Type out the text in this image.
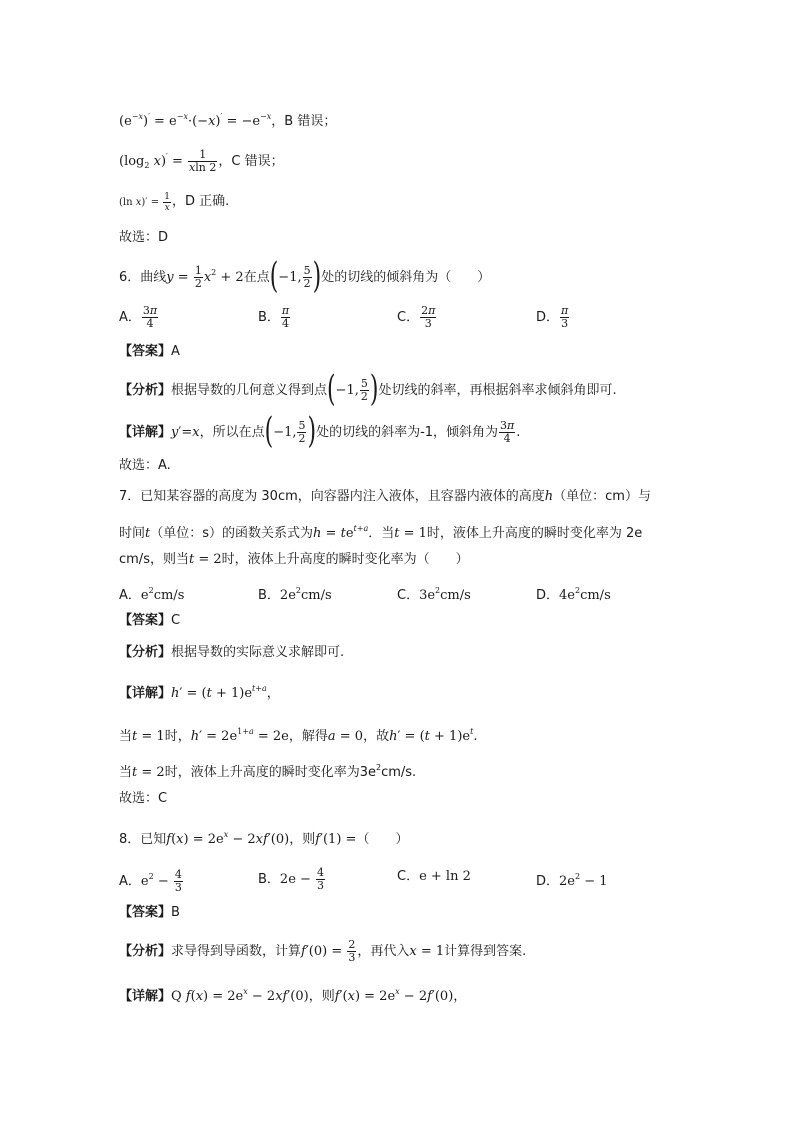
$(e^{-x})' = e^{-x}\cdot(-x)' = -e^{-x}$，B 错误；
($\log_2$ $x)' = \frac{1}{xln 2}$ ，C 错误；
(ln $x)' = \frac{1}{x}$ ，D 正确.
故选：D
6．曲线$y = \frac{1}{2} x^2 + 2$在点(−1, $\frac{5}{2}$ )处的切线的倾斜角为（　　）
A． $\frac{3\pi}{4}$	B． $\frac{\pi}{4}$	C． $\frac{2\pi}{3}$	D． $\frac{\pi}{3}$
【答案】A
【分析】根据导数的几何意义得到点(−1, $\frac{5}{2}$ )处切线的斜率，再根据斜率求倾斜角即可.
【详解】y′=x，所以在点(−1, $\frac{5}{2}$ )处的切线的斜率为-1，倾斜角为 $\frac{3\pi}{4}$ .
故选：A.
7．已知某容器的高度为 30cm，向容器内注入液体，且容器内液体的高度h（单位：cm）与
时间t（单位：s）的函数关系式为$h = te^{t+a}$．当t = 1时，液体上升高度的瞬时变化率为 2e
cm/s，则当t = 2时，液体上升高度的瞬时变化率为（　　）
A．$e^2cm/s$	B．$2e^2cm/s$	C．$3e^2cm/s$	D．$4e^2cm/s$
【答案】C
【分析】根据导数的实际意义求解即可.
【详解】$h' = (t + 1)e^{t+a}$，
当t = 1时，$h' = 2e^{1+a} = 2e$，解得a = 0，故$h' = (t + 1)e^t$.
当t = 2时，液体上升高度的瞬时变化率为$3e^2cm/s$.
故选：C
8．已知$f(x) = 2e^x - 2xf'(0)$，则f′(1) =（　　）
A．$e^2 - \frac{4}{3}$	B．$2e - \frac{4}{3}$	C．e + ln 2	D．$2e^2 - 1$
【答案】B
【分析】求导得到导函数，计算$f'(0) = \frac{2}{3}$ ，再代入x = 1计算得到答案.
【详解】Q $f(x) = 2e^x - 2xf'(0)$，则$f'(x) = 2e^x - 2f'(0)$，
